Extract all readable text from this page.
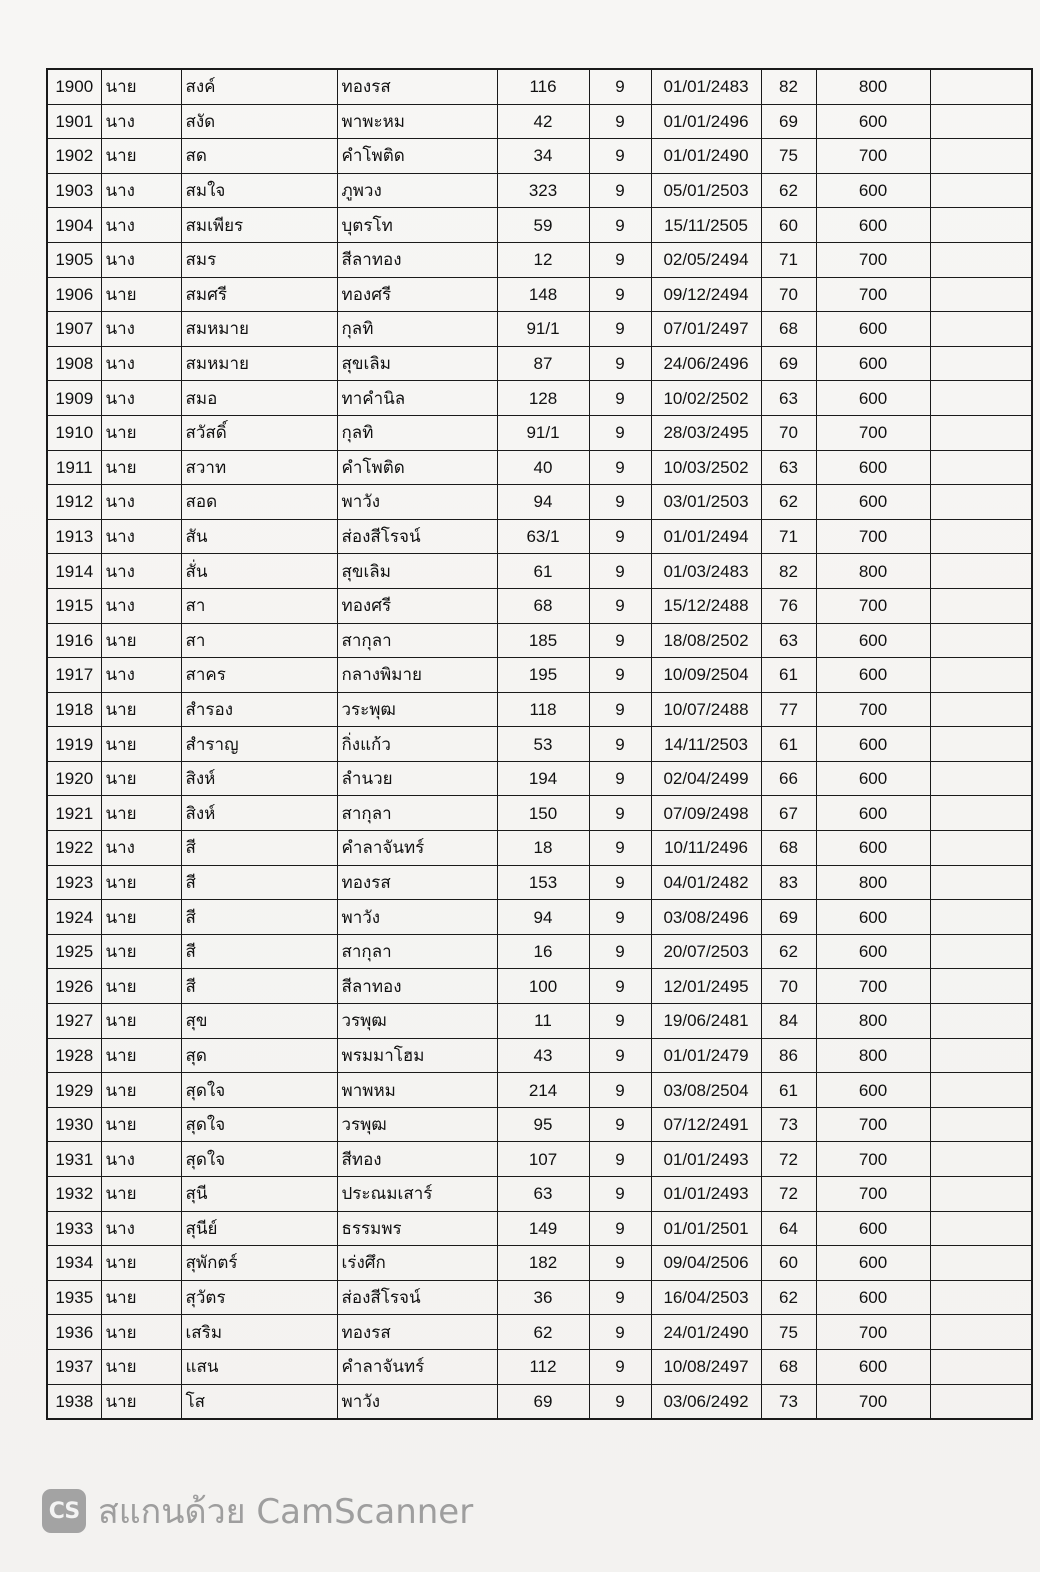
1900	นาย	สงค์	ทองรส	116	9	01/01/2483	82	800	
1901	นาง	สงัด	พาพะหม	42	9	01/01/2496	69	600	
1902	นาย	สด	คำโพติด	34	9	01/01/2490	75	700	
1903	นาง	สมใจ	ภูพวง	323	9	05/01/2503	62	600	
1904	นาง	สมเพียร	บุตรโท	59	9	15/11/2505	60	600	
1905	นาง	สมร	สีลาทอง	12	9	02/05/2494	71	700	
1906	นาย	สมศรี	ทองศรี	148	9	09/12/2494	70	700	
1907	นาง	สมหมาย	กุลทิ	91/1	9	07/01/2497	68	600	
1908	นาง	สมหมาย	สุขเลิม	87	9	24/06/2496	69	600	
1909	นาง	สมอ	ทาคำนิล	128	9	10/02/2502	63	600	
1910	นาย	สวัสดิ์	กุลทิ	91/1	9	28/03/2495	70	700	
1911	นาย	สวาท	คำโพติด	40	9	10/03/2502	63	600	
1912	นาง	สอด	พาวัง	94	9	03/01/2503	62	600	
1913	นาง	สัน	ส่องสีโรจน์	63/1	9	01/01/2494	71	700	
1914	นาง	สั่น	สุขเลิม	61	9	01/03/2483	82	800	
1915	นาง	สา	ทองศรี	68	9	15/12/2488	76	700	
1916	นาย	สา	สากุลา	185	9	18/08/2502	63	600	
1917	นาง	สาคร	กลางพิมาย	195	9	10/09/2504	61	600	
1918	นาย	สำรอง	วระพุฒ	118	9	10/07/2488	77	700	
1919	นาย	สำราญ	กิ่งแก้ว	53	9	14/11/2503	61	600	
1920	นาย	สิงห์	ลำนวย	194	9	02/04/2499	66	600	
1921	นาย	สิงห์	สากุลา	150	9	07/09/2498	67	600	
1922	นาง	สี	คำลาจันทร์	18	9	10/11/2496	68	600	
1923	นาย	สี	ทองรส	153	9	04/01/2482	83	800	
1924	นาย	สี	พาวัง	94	9	03/08/2496	69	600	
1925	นาย	สี	สากุลา	16	9	20/07/2503	62	600	
1926	นาย	สี	สีลาทอง	100	9	12/01/2495	70	700	
1927	นาย	สุข	วรพุฒ	11	9	19/06/2481	84	800	
1928	นาย	สุด	พรมมาโฮม	43	9	01/01/2479	86	800	
1929	นาย	สุดใจ	พาพหม	214	9	03/08/2504	61	600	
1930	นาย	สุดใจ	วรพุฒ	95	9	07/12/2491	73	700	
1931	นาง	สุดใจ	สีทอง	107	9	01/01/2493	72	700	
1932	นาย	สุนี	ประณมเสาร์	63	9	01/01/2493	72	700	
1933	นาง	สุนีย์	ธรรมพร	149	9	01/01/2501	64	600	
1934	นาย	สุพักตร์	เร่งศึก	182	9	09/04/2506	60	600	
1935	นาย	สุวัตร	ส่องสีโรจน์	36	9	16/04/2503	62	600	
1936	นาย	เสริม	ทองรส	62	9	24/01/2490	75	700	
1937	นาย	แสน	คำลาจันทร์	112	9	10/08/2497	68	600	
1938	นาย	โส	พาวัง	69	9	03/06/2492	73	700	
CS สแกนด้วย CamScanner
